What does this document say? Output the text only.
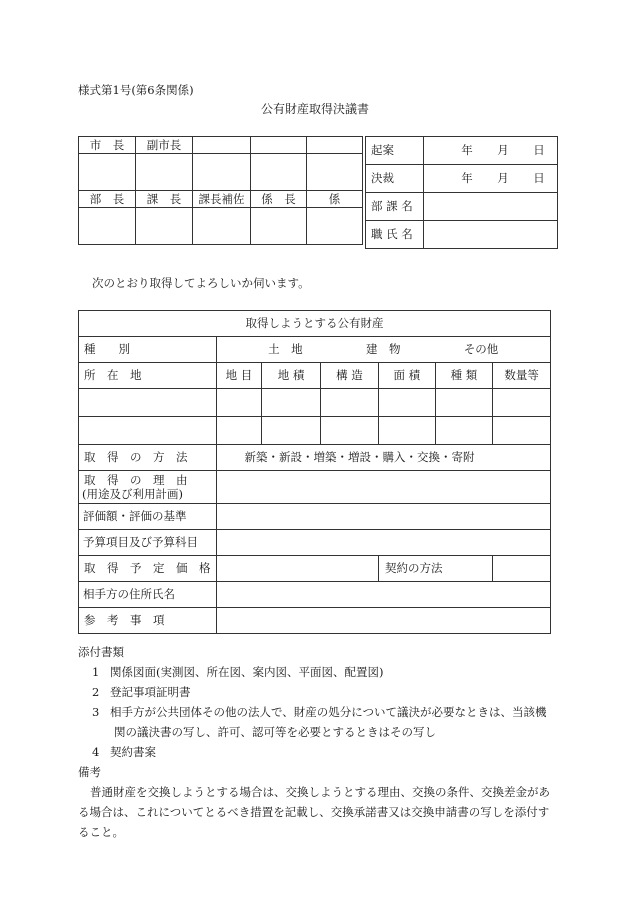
様式第1号(第6条関係)
公有財産取得決議書
市　長	副市長			

部　長	課　長	課長補佐	係　長	係

起案	年 月 日

決裁	年 月 日

部 課 名	
職 氏 名	
次のとおり取得してよろしいか伺います。
取得しようとする公有財産						

種　　別	土　地 建　物 その他					

所　在　地	地 目	地 積	構 造	面 積	種 類	数量等

取　得　の　方　法	新築・新設・増築・増設・購入・交換・寄附					

取　得　の　理　由
(用途及び利用計画)						

評価額・評価の基準						
予算項目及び予算科目						

取　得　予　定　価　格				契約の方法		
相手方の住所氏名						

参　考　事　項						

添付書類
1 関係図面(実測図、所在図、案内図、平面図、配置図)
2 登記事項証明書
3 相手方が公共団体その他の法人で、財産の処分について議決が必要なときは、当該機
関の議決書の写し、許可、認可等を必要とするときはその写し
4 契約書案
備考
普通財産を交換しようとする場合は、交換しようとする理由、交換の条件、交換差金がある場合は、これについてとるべき措置を記載し、交換承諾書又は交換申請書の写しを添付すること。
